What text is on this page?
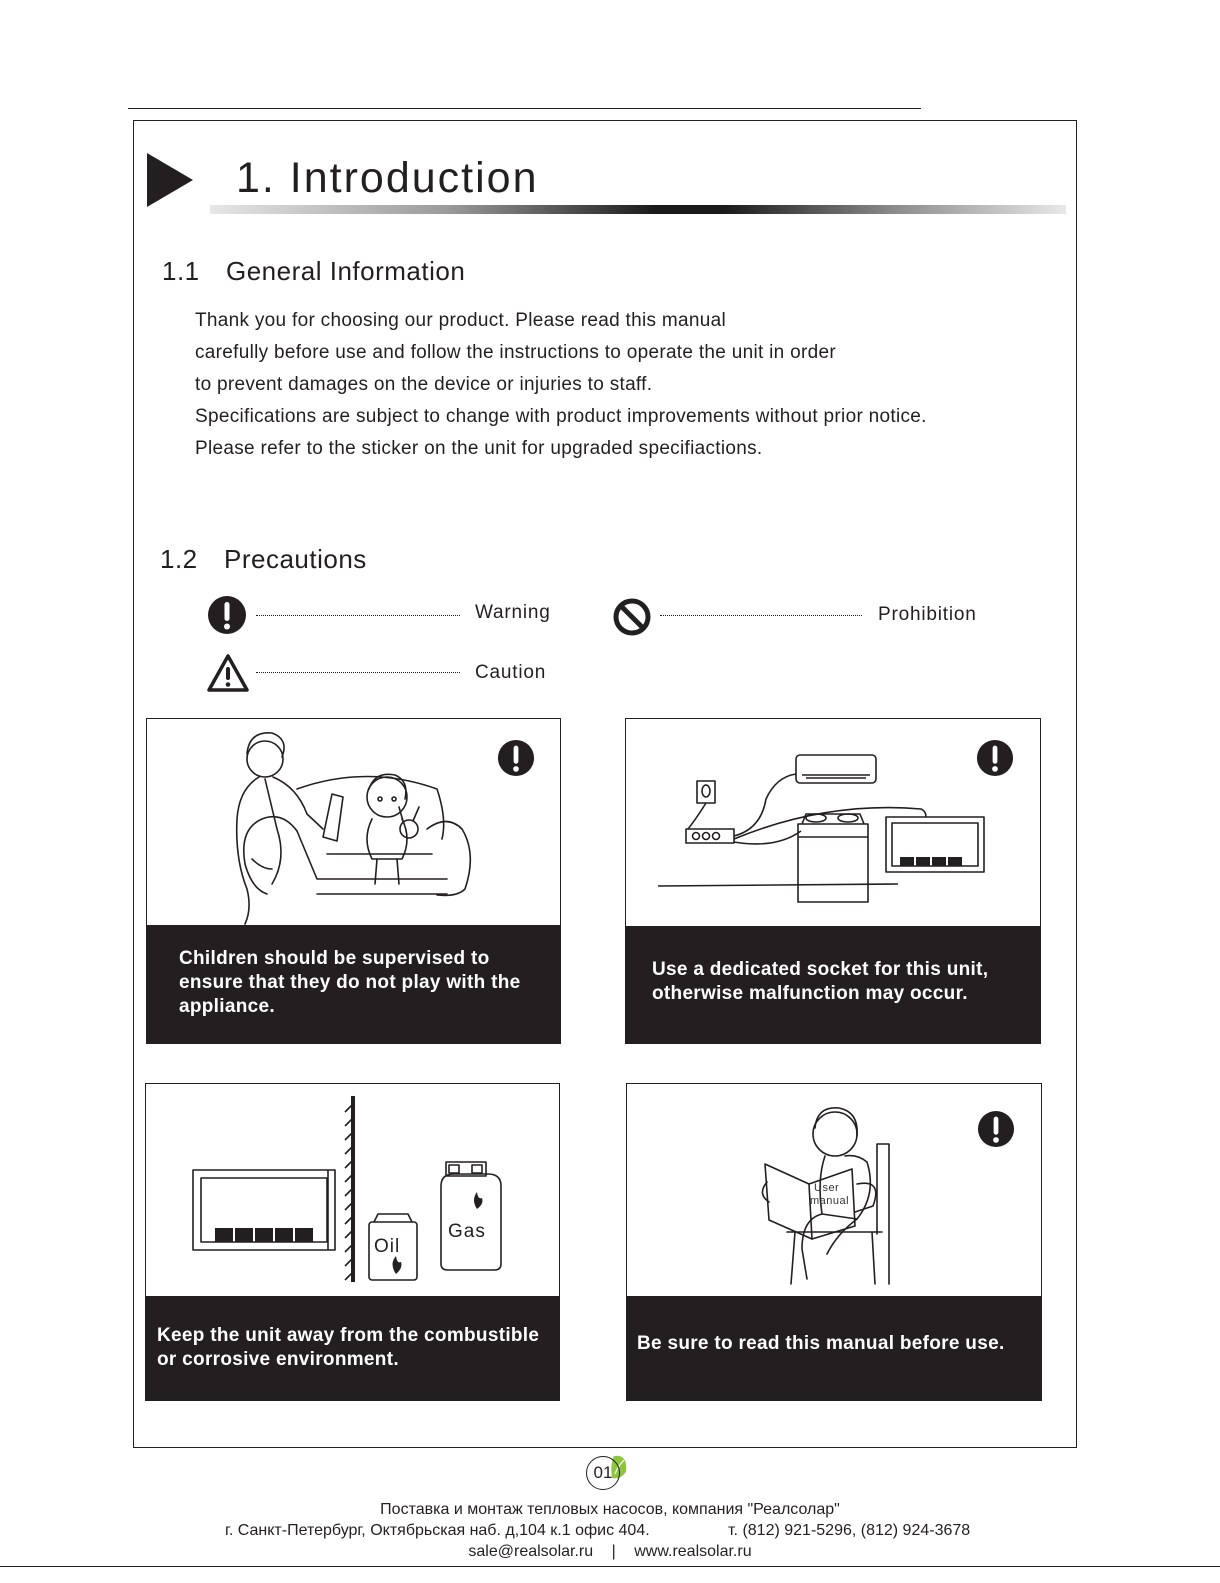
1. Introduction
1.1 General Information

Thank you for choosing our product. Please read this manual

carefully before use and follow the instructions to operate the unit in order

to prevent damages on the device or injuries to staff.

Specifications are subject to change with product improvements without prior notice.

Please refer to the sticker on the unit for upgraded specifiactions.

1.2 Precautions
Warning	Prohibition
Caution
Children should be supervised to
ensure that they do not play with the
appliance.
Use a dedicated socket for this unit,
otherwise malfunction may occur.
Oil
Gas
Keep the unit away from the combustible
or corrosive environment.
User
manual
Be sure to read this manual before use.
01
Поставка и монтаж тепловых насосов, компания "Реалсолар"
г. Санкт-Петербург, Октябрьская наб. д,104 к.1 офис 404.	т. (812) 921-5296, (812) 924-3678
sale@realsolar.ru | www.realsolar.ru
